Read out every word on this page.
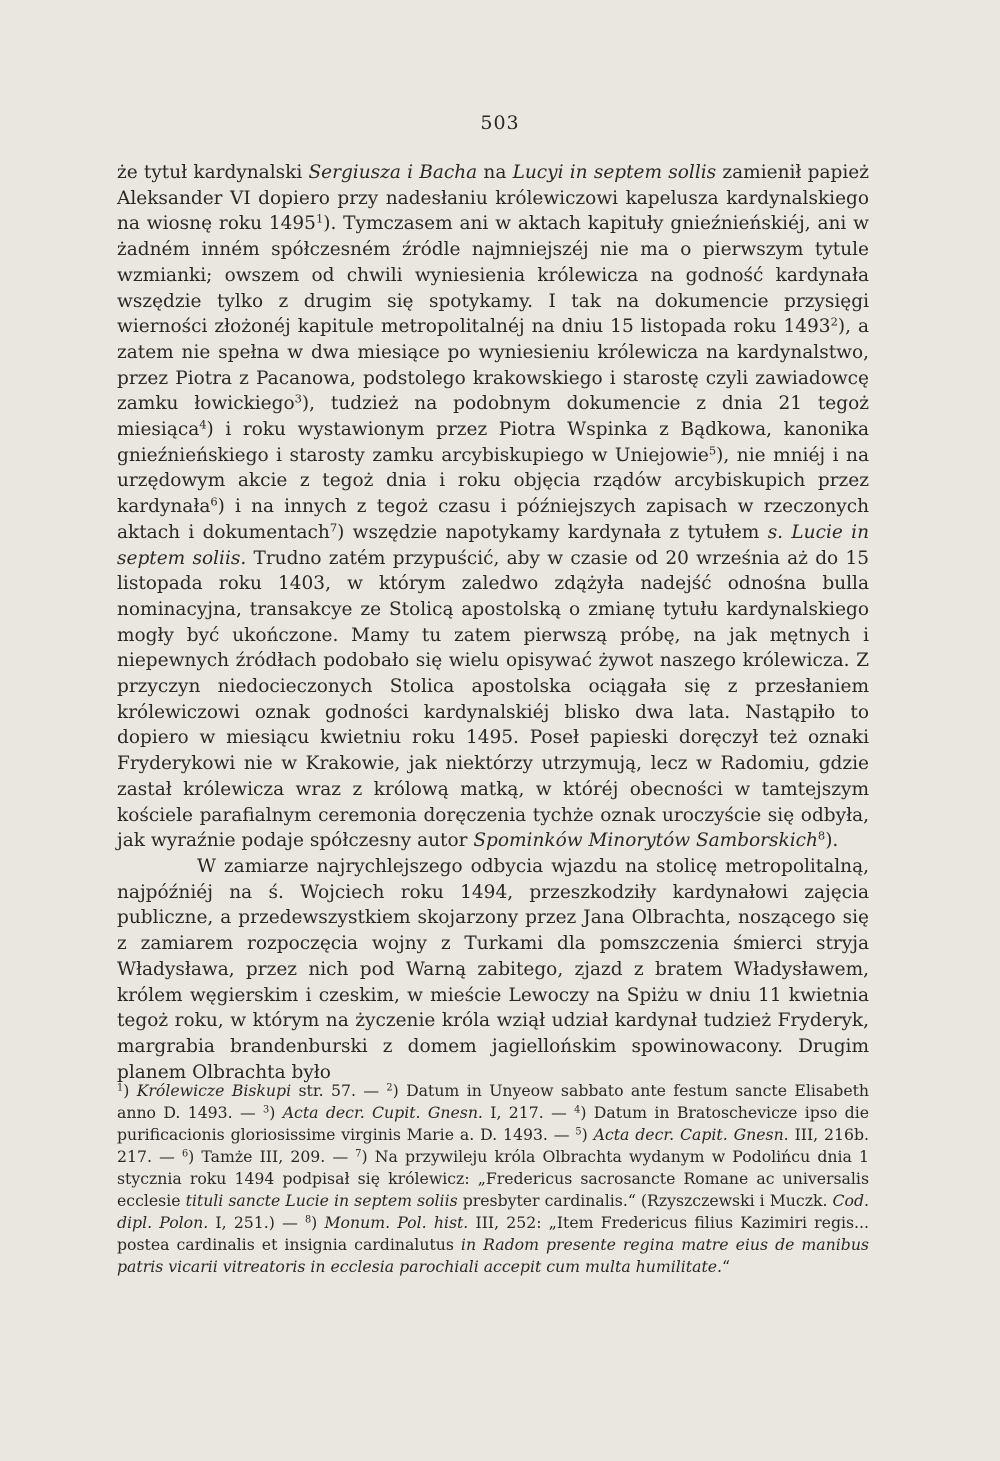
503

że tytuł kardynalski Sergiusza i Bacha na Lucyi in septem sollis zamienił papież Aleksander VI dopiero przy nadesłaniu królewiczowi kapelusza kardynalskiego na wiosnę roku 1495$^1$). Tymczasem ani w aktach kapituły gnieźnieńskiéj, ani w żadném inném spółczesném źródle najmniejszéj nie ma o pierwszym tytule wzmianki; owszem od chwili wyniesienia królewicza na godność kardynała wszędzie tylko z drugim się spotykamy. I tak na dokumencie przysięgi wierności złożonéj kapitule metropolitalnéj na dniu 15 listopada roku 1493$^2$), a zatem nie spełna w dwa miesiące po wyniesieniu królewicza na kardynalstwo, przez Piotra z Pacanowa, podstolego krakowskiego i starostę czyli zawiadowcę zamku łowickiego$^3$), tudzież na podobnym dokumencie z dnia 21 tegoż miesiąca$^4$) i roku wystawionym przez Piotra Wspinka z Bądkowa, kanonika gnieźnieńskiego i starosty zamku arcybiskupiego w Uniejowie$^5$), nie mniéj i na urzędowym akcie z tegoż dnia i roku objęcia rządów arcybiskupich przez kardynała$^6$) i na innych z tegoż czasu i późniejszych zapisach w rzeczonych aktach i dokumentach$^7$) wszędzie napotykamy kardynała z tytułem s. Lucie in septem soliis. Trudno zatém przypuścić, aby w czasie od 20 września aż do 15 listopada roku 1403, w którym zaledwo zdążyła nadejść odnośna bulla nominacyjna, transakcye ze Stolicą apostolską o zmianę tytułu kardynalskiego mogły być ukończone. Mamy tu zatem pierwszą próbę, na jak mętnych i niepewnych źródłach podobało się wielu opisywać żywot naszego królewicza. Z przyczyn niedocieczonych Stolica apostolska ociągała się z przesłaniem królewiczowi oznak godności kardynalskiéj blisko dwa lata. Nastąpiło to dopiero w miesiącu kwietniu roku 1495. Poseł papieski doręczył też oznaki Fryderykowi nie w Krakowie, jak niektórzy utrzymują, lecz w Radomiu, gdzie zastał królewicza wraz z królową matką, w któréj obecności w tamtejszym kościele parafialnym ceremonia doręczenia tychże oznak uroczyście się odbyła, jak wyraźnie podaje spółczesny autor Spominków Minorytów Samborskich$^8$).

W zamiarze najrychlejszego odbycia wjazdu na stolicę metropolitalną, najpóźniéj na ś. Wojciech roku 1494, przeszkodziły kardynałowi zajęcia publiczne, a przedewszystkiem skojarzony przez Jana Olbrachta, noszącego się z zamiarem rozpoczęcia wojny z Turkami dla pomszczenia śmierci stryja Władysława, przez nich pod Warną zabitego, zjazd z bratem Władysławem, królem węgierskim i czeskim, w mieście Lewoczy na Spiżu w dniu 11 kwietnia tegoż roku, w którym na życzenie króla wziął udział kardynał tudzież Fryderyk, margrabia brandenburski z domem jagiellońskim spowinowacony. Drugim planem Olbrachta było

$^1$) Królewicze Biskupi str. 57. — $^2$) Datum in Unyeow sabbato ante festum sancte Elisabeth anno D. 1493. — $^3$) Acta decr. Cupit. Gnesn. I, 217. — $^4$) Datum in Bratoschevicze ipso die purificacionis gloriosissime virginis Marie a. D. 1493. — $^5$) Acta decr. Capit. Gnesn. III, 216b. 217. — $^6$) Tamże III, 209. — $^7$) Na przywileju króla Olbrachta wydanym w Podolińcu dnia 1 stycznia roku 1494 podpisał się królewicz: „Fredericus sacrosancte Romane ac universalis ecclesie tituli sancte Lucie in septem soliis presbyter cardinalis.“ (Rzyszczewski i Muczk. Cod. dipl. Polon. I, 251.) — $^8$) Monum. Pol. hist. III, 252: „Item Fredericus filius Kazimiri regis... postea cardinalis et insignia cardinalutus in Radom presente regina matre eius de manibus patris vicarii vitreatoris in ecclesia parochiali accepit cum multa humilitate.“
